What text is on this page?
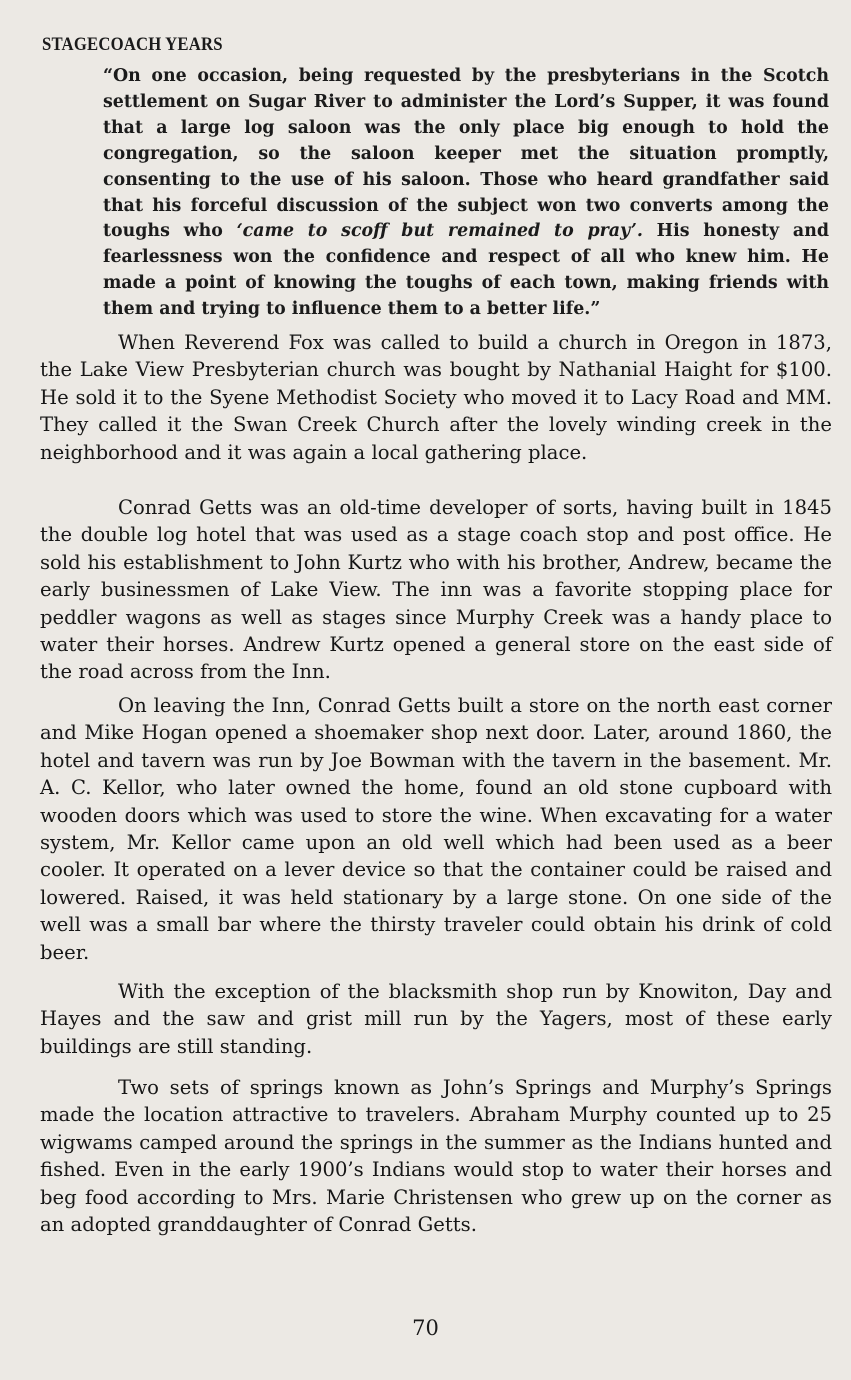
STAGECOACH YEARS

“On one occasion, being requested by the presbyterians in the Scotch settlement on Sugar River to administer the Lord’s Supper, it was found that a large log saloon was the only place big enough to hold the congregation, so the saloon keeper met the situation promptly, consenting to the use of his saloon. Those who heard grandfather said that his forceful discussion of the subject won two converts among the toughs who ‘came to scoff but remained to pray’. His honesty and fearlessness won the confidence and respect of all who knew him. He made a point of knowing the toughs of each town, making friends with them and trying to influence them to a better life.”

When Reverend Fox was called to build a church in Oregon in 1873, the Lake View Presbyterian church was bought by Nathanial Haight for $100. He sold it to the Syene Methodist Society who moved it to Lacy Road and MM. They called it the Swan Creek Church after the lovely winding creek in the neighborhood and it was again a local gathering place.

Conrad Getts was an old-time developer of sorts, having built in 1845 the double log hotel that was used as a stage coach stop and post office. He sold his establishment to John Kurtz who with his brother, Andrew, became the early businessmen of Lake View. The inn was a favorite stopping place for peddler wagons as well as stages since Murphy Creek was a handy place to water their horses. Andrew Kurtz opened a general store on the east side of the road across from the Inn.

On leaving the Inn, Conrad Getts built a store on the north east corner and Mike Hogan opened a shoemaker shop next door. Later, around 1860, the hotel and tavern was run by Joe Bowman with the tavern in the basement. Mr. A. C. Kellor, who later owned the home, found an old stone cupboard with wooden doors which was used to store the wine. When excavating for a water system, Mr. Kellor came upon an old well which had been used as a beer cooler. It operated on a lever device so that the container could be raised and lowered. Raised, it was held stationary by a large stone. On one side of the well was a small bar where the thirsty traveler could obtain his drink of cold beer.

With the exception of the blacksmith shop run by Knowiton, Day and Hayes and the saw and grist mill run by the Yagers, most of these early buildings are still standing.

Two sets of springs known as John’s Springs and Murphy’s Springs made the location attractive to travelers. Abraham Murphy counted up to 25 wigwams camped around the springs in the summer as the Indians hunted and fished. Even in the early 1900’s Indians would stop to water their horses and beg food according to Mrs. Marie Christensen who grew up on the corner as an adopted granddaughter of Conrad Getts.

70
